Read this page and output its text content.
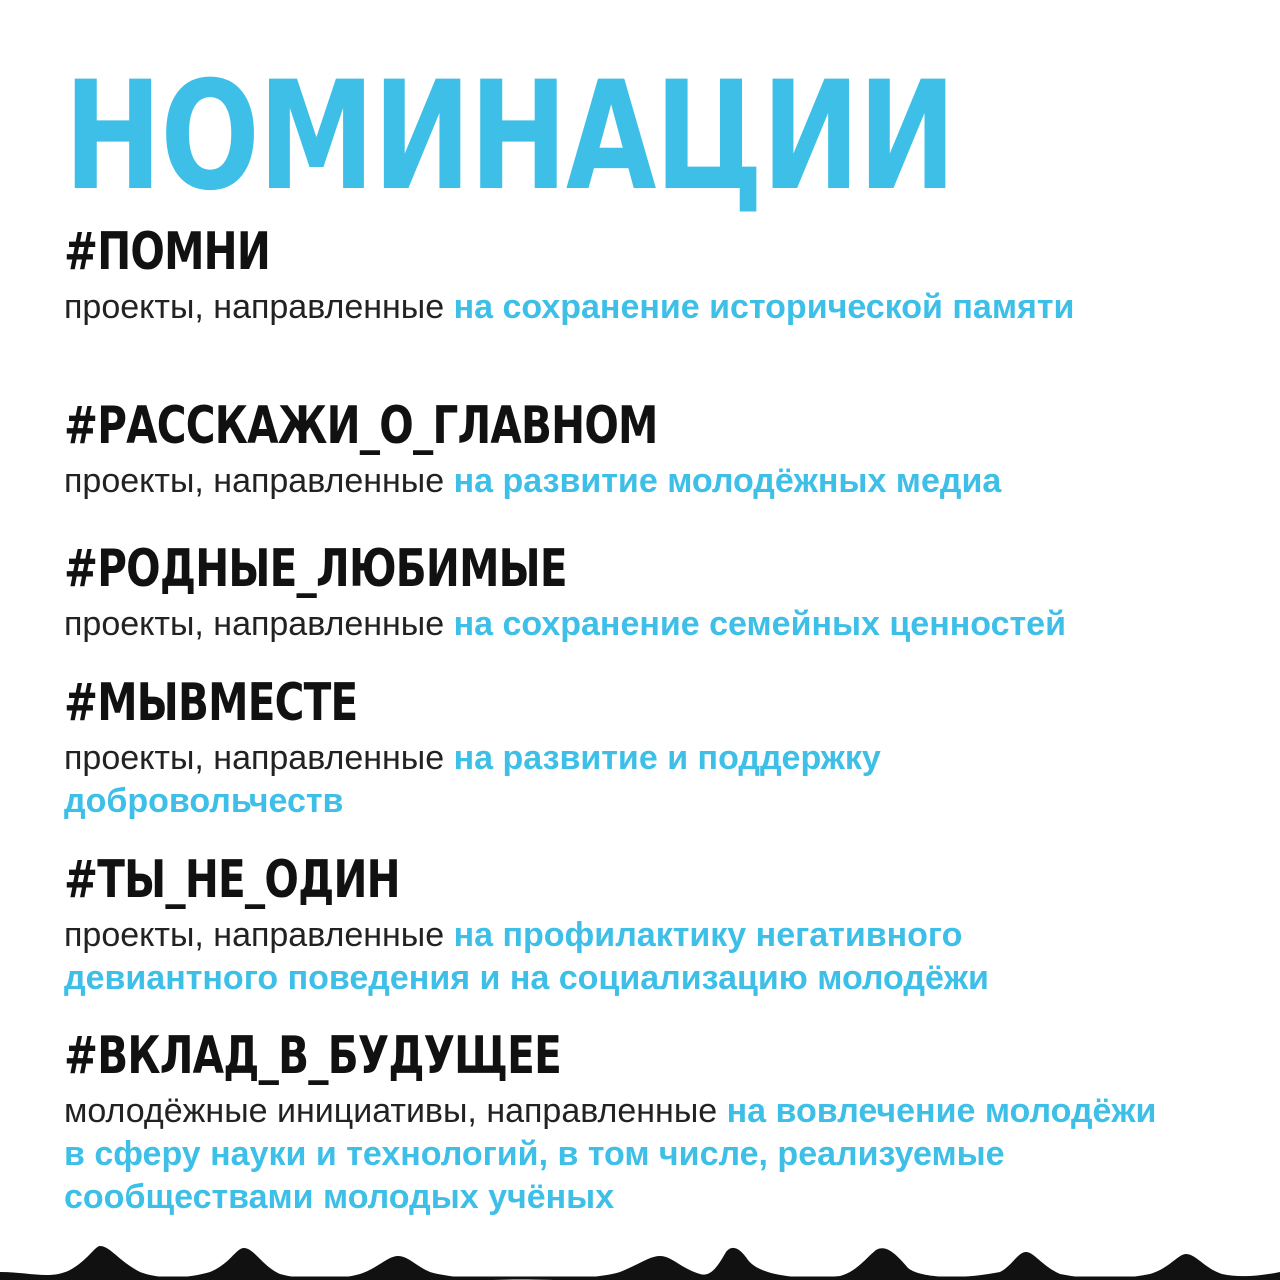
НОМИНАЦИИ
#ПОМНИ

проекты, направленные на сохранение исторической памяти

#РАССКАЖИ_О_ГЛАВНОМ

проекты, направленные на развитие молодёжных медиа

#РОДНЫЕ_ЛЮБИМЫЕ

проекты, направленные на сохранение семейных ценностей

#МЫВМЕСТЕ

проекты, направленные на развитие и поддержку добровольчеств

#ТЫ_НЕ_ОДИН

проекты, направленные на профилактику негативного девиантного поведения и на социализацию молодёжи

#ВКЛАД_В_БУДУЩЕЕ

молодёжные инициативы, направленные на вовлечение молодёжи в сферу науки и технологий, в том числе, реализуемые сообществами молодых учёных
